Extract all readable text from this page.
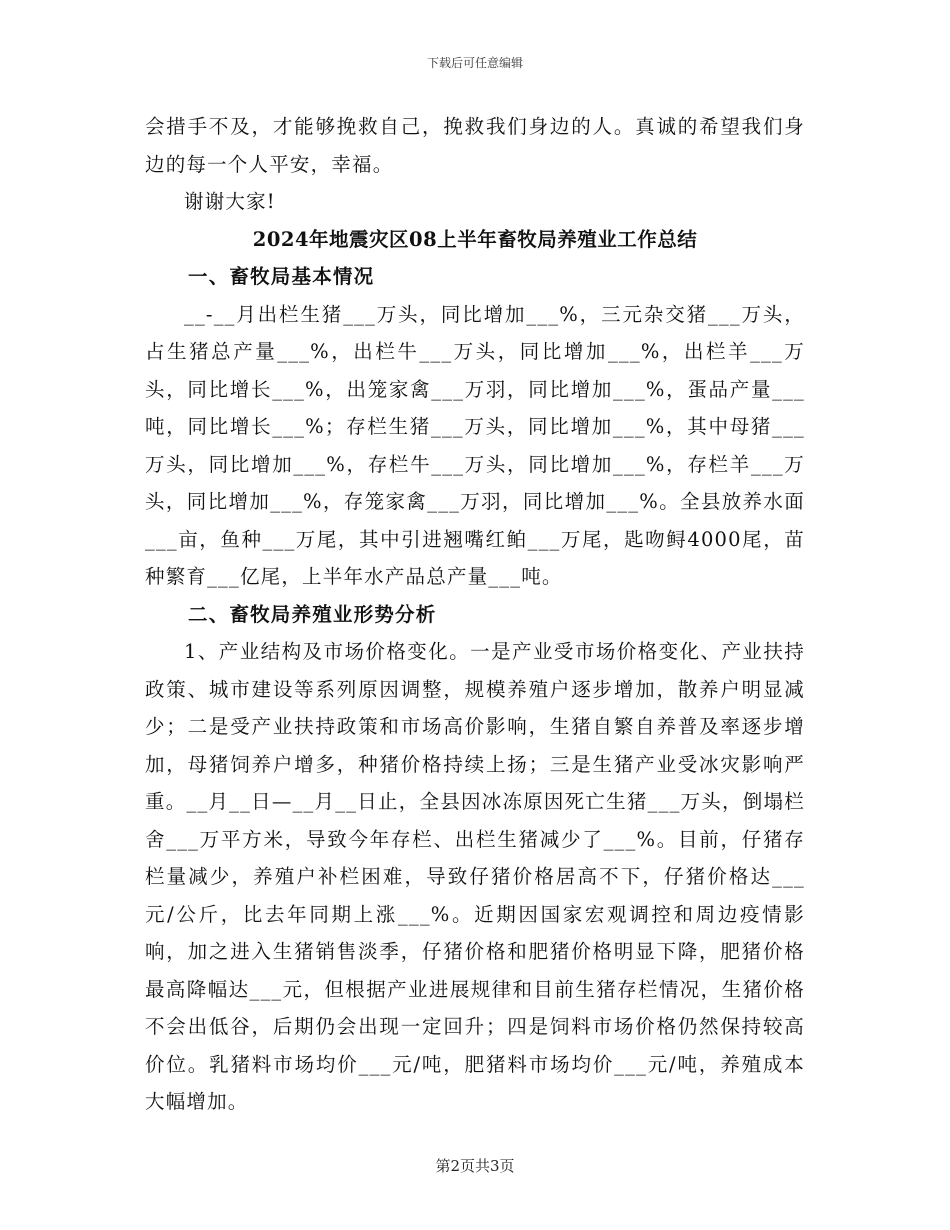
下载后可任意编辑

会措手不及，才能够挽救自己，挽救我们身边的人。真诚的希望我们身边的每一个人平安，幸福。

谢谢大家!

2024年地震灾区08上半年畜牧局养殖业工作总结

一、畜牧局基本情况

__-__月出栏生猪___万头，同比增加___%，三元杂交猪___万头，占生猪总产量___%，出栏牛___万头，同比增加___%，出栏羊___万头，同比增长___%，出笼家禽___万羽，同比增加___%，蛋品产量___吨，同比增长___%；存栏生猪___万头，同比增加___%，其中母猪___万头，同比增加___%，存栏牛___万头，同比增加___%，存栏羊___万头，同比增加___%，存笼家禽___万羽，同比增加___%。全县放养水面___亩，鱼种___万尾，其中引进翘嘴红鲌___万尾，匙吻鲟4000尾，苗种繁育___亿尾，上半年水产品总产量___吨。

二、畜牧局养殖业形势分析

1、产业结构及市场价格变化。一是产业受市场价格变化、产业扶持政策、城市建设等系列原因调整，规模养殖户逐步增加，散养户明显减少；二是受产业扶持政策和市场高价影响，生猪自繁自养普及率逐步增加，母猪饲养户增多，种猪价格持续上扬；三是生猪产业受冰灾影响严重。__月__日—__月__日止，全县因冰冻原因死亡生猪___万头，倒塌栏舍___万平方米，导致今年存栏、出栏生猪减少了___%。目前，仔猪存栏量减少，养殖户补栏困难，导致仔猪价格居高不下，仔猪价格达___元/公斤，比去年同期上涨___%。近期因国家宏观调控和周边疫情影响，加之进入生猪销售淡季，仔猪价格和肥猪价格明显下降，肥猪价格最高降幅达___元，但根据产业进展规律和目前生猪存栏情况，生猪价格不会出低谷，后期仍会出现一定回升；四是饲料市场价格仍然保持较高价位。乳猪料市场均价___元/吨，肥猪料市场均价___元/吨，养殖成本大幅增加。

第2页共3页
